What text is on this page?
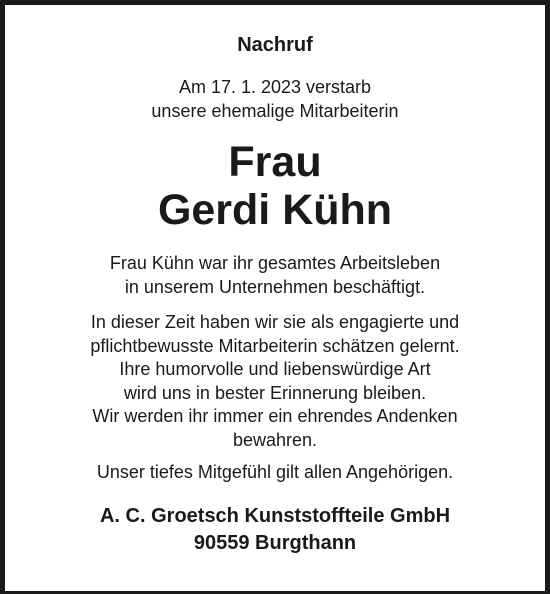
Nachruf
Am 17. 1. 2023 verstarb
unsere ehemalige Mitarbeiterin
Frau
Gerdi Kühn
Frau Kühn war ihr gesamtes Arbeitsleben
in unserem Unternehmen beschäftigt.
In dieser Zeit haben wir sie als engagierte und
pflichtbewusste Mitarbeiterin schätzen gelernt.
Ihre humorvolle und liebenswürdige Art
wird uns in bester Erinnerung bleiben.
Wir werden ihr immer ein ehrendes Andenken
bewahren.
Unser tiefes Mitgefühl gilt allen Angehörigen.
A. C. Groetsch Kunststoffteile GmbH
90559 Burgthann
